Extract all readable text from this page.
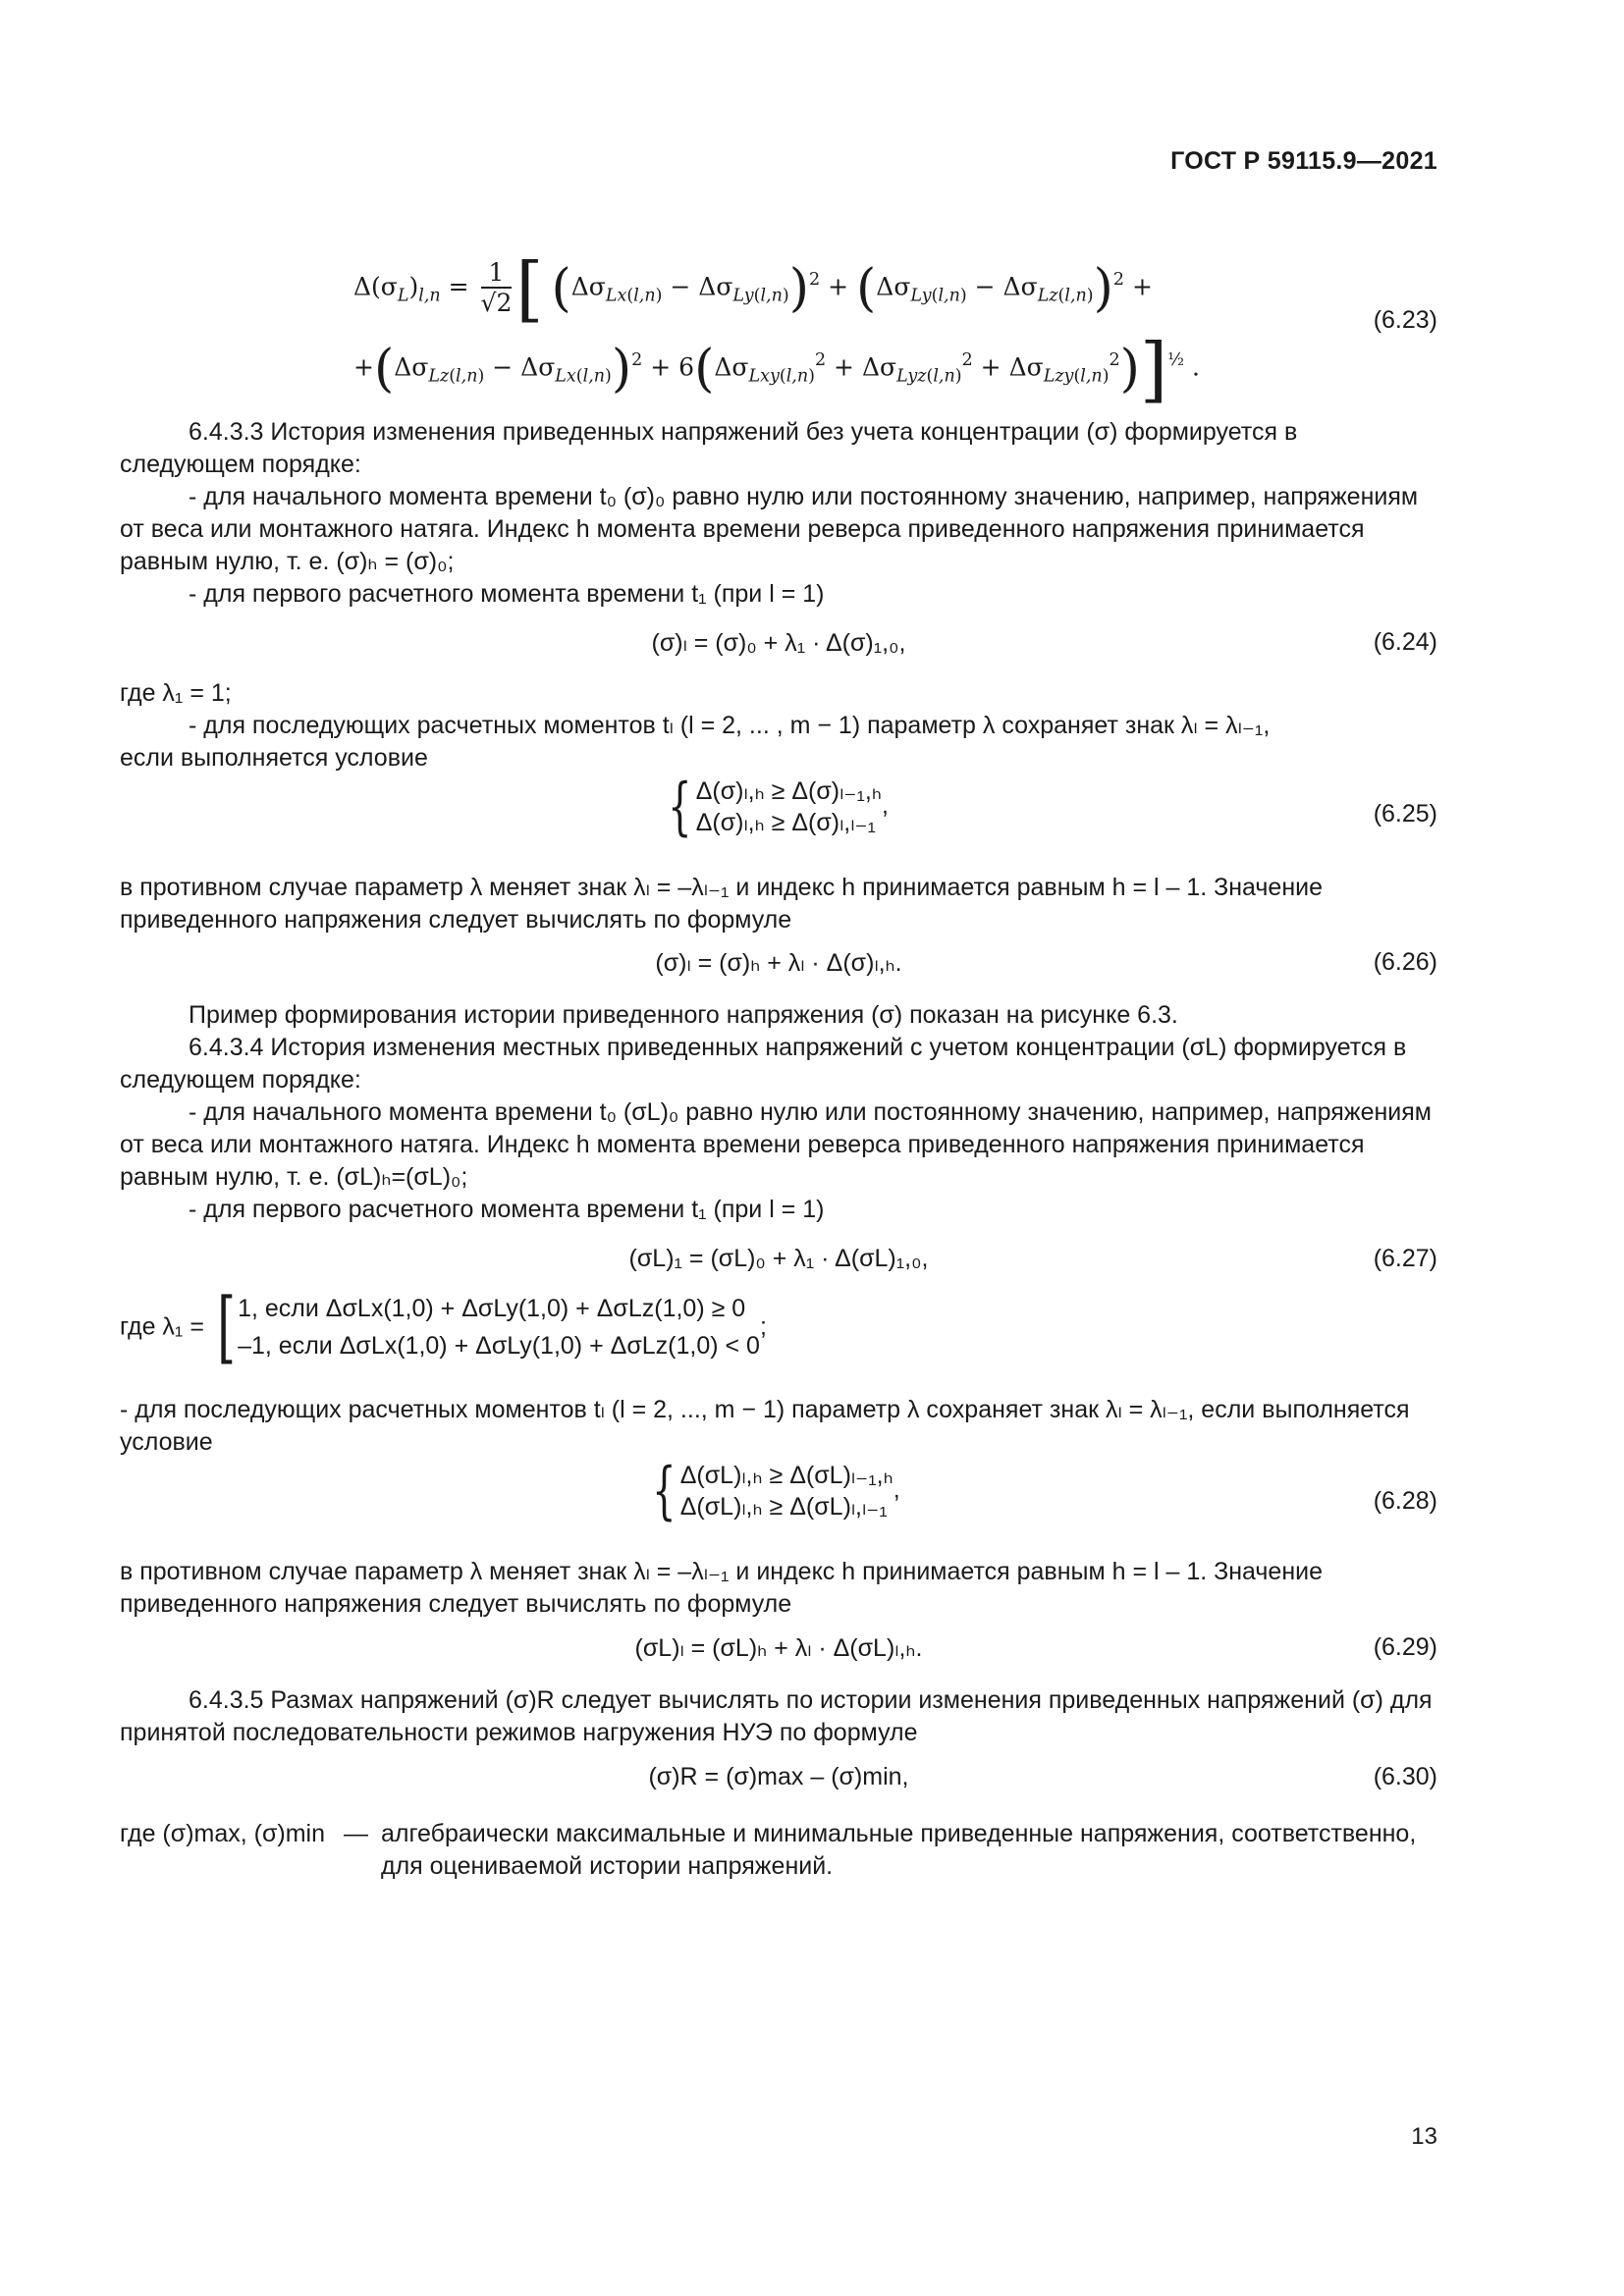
ГОСТ Р 59115.9—2021
$\Delta(\sigma_L)_{l,n} = \frac{1}{√2}$ [ $(\Delta\sigma_{Lx(l,n)} - \Delta\sigma_{Ly(l,n)})^2 + (\Delta\sigma_{Ly(l,n)} - \Delta\sigma_{Lz(l,n)})^2$ +
$+(\Delta\sigma_{Lz(l,n)} - \Delta\sigma_{Lx(l,n)})^2 + 6(\Delta\sigma_{Lxy(l,n)}^2 + \Delta\sigma_{Lyz(l,n)}^2 + \Delta\sigma_{Lzy(l,n)}^2)]^{\frac{1}{2}}$ .
(6.23)
6.4.3.3 История изменения приведенных напряжений без учета концентрации (σ) формируется в следующем порядке:
- для начального момента времени t₀ (σ)₀ равно нулю или постоянному значению, например, напряжениям от веса или монтажного натяга. Индекс h момента времени реверса приведенного напряжения принимается равным нулю, т. е. (σ)ₕ = (σ)₀;
- для первого расчетного момента времени t₁ (при l = 1)
(σ)ₗ = (σ)₀ + λ₁ · Δ(σ)₁,₀,	(6.24)
где λ₁ = 1;
- для последующих расчетных моментов tₗ (l = 2, ... , m − 1) параметр λ сохраняет знак λₗ = λₗ₋₁,
если выполняется условие
{ Δ(σ)ₗ,ₕ ≥ Δ(σ)ₗ₋₁,ₕ
Δ(σ)ₗ,ₕ ≥ Δ(σ)ₗ,ₗ₋₁,	(6.25)
в противном случае параметр λ меняет знак λₗ = –λₗ₋₁ и индекс h принимается равным h = l – 1. Значение приведенного напряжения следует вычислять по формуле
(σ)ₗ = (σ)ₕ + λₗ · Δ(σ)ₗ,ₕ.	(6.26)
Пример формирования истории приведенного напряжения (σ) показан на рисунке 6.3.
6.4.3.4 История изменения местных приведенных напряжений с учетом концентрации (σL) формируется в следующем порядке:
- для начального момента времени t₀ (σL)₀ равно нулю или постоянному значению, например, напряжениям от веса или монтажного натяга. Индекс h момента времени реверса приведенного напряжения принимается равным нулю, т. е. (σL)ₕ=(σL)₀;
- для первого расчетного момента времени t₁ (при l = 1)
(σL)₁ = (σL)₀ + λ₁ · Δ(σL)₁,₀,	(6.27)
где λ₁ = [1, если ΔσLx(1,0) + ΔσLy(1,0) + ΔσLz(1,0) ≥ 0
–1, если ΔσLx(1,0) + ΔσLy(1,0) + ΔσLz(1,0) < 0;
- для последующих расчетных моментов tₗ (l = 2, ..., m − 1) параметр λ сохраняет знак λₗ = λₗ₋₁, если выполняется условие
{ Δ(σL)ₗ,ₕ ≥ Δ(σL)ₗ₋₁,ₕ
Δ(σL)ₗ,ₕ ≥ Δ(σL)ₗ,ₗ₋₁,	(6.28)
в противном случае параметр λ меняет знак λₗ = –λₗ₋₁ и индекс h принимается равным h = l – 1. Значение приведенного напряжения следует вычислять по формуле
(σL)ₗ = (σL)ₕ + λₗ · Δ(σL)ₗ,ₕ.	(6.29)
6.4.3.5 Размах напряжений (σ)R следует вычислять по истории изменения приведенных напряжений (σ) для принятой последовательности режимов нагружения НУЭ по формуле
(σ)R = (σ)max – (σ)min,	(6.30)
где (σ)max, (σ)min — алгебраически максимальные и минимальные приведенные напряжения, соответственно, для оцениваемой истории напряжений.
13
